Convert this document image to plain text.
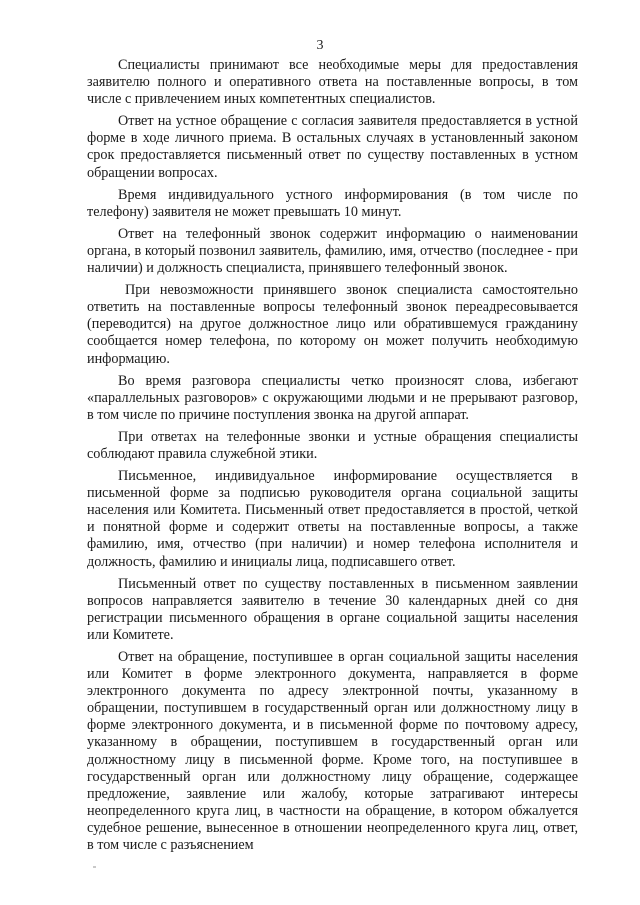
3

Специалисты принимают все необходимые меры для предоставления заявителю полного и оперативного ответа на поставленные вопросы, в том числе с привлечением иных компетентных специалистов.

Ответ на устное обращение с согласия заявителя предоставляется в устной форме в ходе личного приема. В остальных случаях в установленный законом срок предоставляется письменный ответ по существу поставленных в устном обращении вопросах.

Время индивидуального устного информирования (в том числе по телефону) заявителя не может превышать 10 минут.

Ответ на телефонный звонок содержит информацию о наименовании органа, в который позвонил заявитель, фамилию, имя, отчество (последнее - при наличии) и должность специалиста, принявшего телефонный звонок.

При невозможности принявшего звонок специалиста самостоятельно ответить на поставленные вопросы телефонный звонок переадресовывается (переводится) на другое должностное лицо или обратившемуся гражданину сообщается номер телефона, по которому он может получить необходимую информацию.

Во время разговора специалисты четко произносят слова, избегают «параллельных разговоров» с окружающими людьми и не прерывают разговор, в том числе по причине поступления звонка на другой аппарат.

При ответах на телефонные звонки и устные обращения специалисты соблюдают правила служебной этики.

Письменное, индивидуальное информирование осуществляется в письменной форме за подписью руководителя органа социальной защиты населения или Комитета. Письменный ответ предоставляется в простой, четкой и понятной форме и содержит ответы на поставленные вопросы, а также фамилию, имя, отчество (при наличии) и номер телефона исполнителя и должность, фамилию и инициалы лица, подписавшего ответ.

Письменный ответ по существу поставленных в письменном заявлении вопросов направляется заявителю в течение 30 календарных дней со дня регистрации письменного обращения в органе социальной защиты населения или Комитете.

Ответ на обращение, поступившее в орган социальной защиты населения или Комитет в форме электронного документа, направляется в форме электронного документа по адресу электронной почты, указанному в обращении, поступившем в государственный орган или должностному лицу в форме электронного документа, и в письменной форме по почтовому адресу, указанному в обращении, поступившем в государственный орган или должностному лицу в письменной форме. Кроме того, на поступившее в государственный орган или должностному лицу обращение, содержащее предложение, заявление или жалобу, которые затрагивают интересы неопределенного круга лиц, в частности на обращение, в котором обжалуется судебное решение, вынесенное в отношении неопределенного круга лиц, ответ, в том числе с разъяснением
